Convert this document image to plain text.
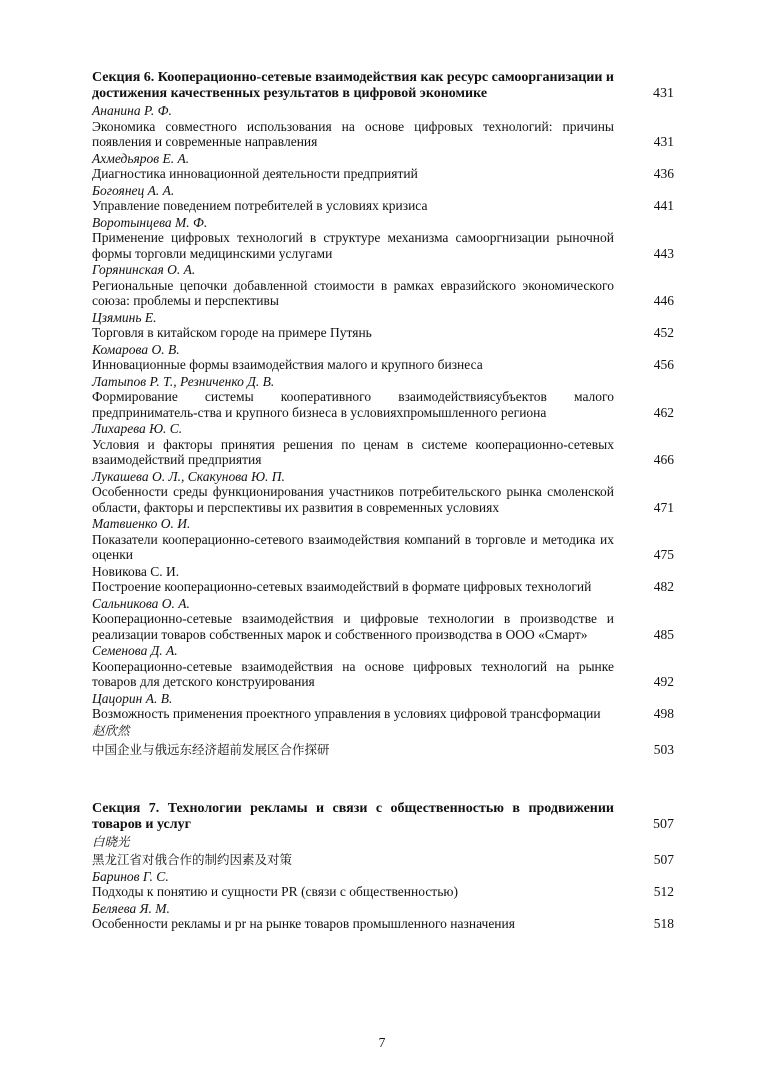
Секция 6. Кооперационно-сетевые взаимодействия как ресурс самоорганизации и достижения качественных результатов в цифровой экономике	431
Ананина Р. Ф.
Экономика совместного использования на основе цифровых технологий: причины появления и современные направления	431
Ахмедьяров Е. А.
Диагностика инновационной деятельности предприятий	436
Богоянец А. А.
Управление поведением потребителей в условиях кризиса	441
Воротынцева М. Ф.
Применение цифровых технологий в структуре механизма самооргнизации рыночной формы торговли медицинскими услугами	443
Горянинская О. А.
Региональные цепочки добавленной стоимости в рамках евразийского экономического союза: проблемы и перспективы	446
Цзяминь Е.
Торговля в китайском городе на примере Путянь	452
Комарова О. В.
Инновационные формы взаимодействия малого и крупного бизнеса	456
Латыпов Р. Т., Резниченко Д. В.
Формирование системы кооперативного взаимодействиясубъектов малого предприниматель-ства и крупного бизнеса в условияхпромышленного региона	462
Лихарева Ю. С.
Условия и факторы принятия решения по ценам в системе кооперационно-сетевых взаимодействий предприятия	466
Лукашева О. Л., Скакунова Ю. П.
Особенности среды функционирования участников потребительского рынка смоленской области, факторы и перспективы их развития в современных условиях	471
Матвиенко О. И.
Показатели кооперационно-сетевого взаимодействия компаний в торговле и методика их оценки	475
Новикова С. И.
Построение кооперационно-сетевых взаимодействий в формате цифровых технологий	482
Сальникова О. А.
Кооперационно-сетевые взаимодействия и цифровые технологии в производстве и реализации товаров собственных марок и собственного производства в ООО «Смарт»	485
Семенова Д. А.
Кооперационно-сетевые взаимодействия на основе цифровых технологий на рынке товаров для детского конструирования	492
Цацорин А. В.
Возможность применения проектного управления в условиях цифровой трансформации	498
赵欣然
中国企业与俄远东经济超前发展区合作探研	503
Секция 7. Технологии рекламы и связи с общественностью в продвижении товаров и услуг	507
白晓光
黑龙江省对俄合作的制约因素及对策	507
Баринов Г. С.
Подходы к понятию и сущности PR (связи с общественностью)	512
Беляева Я. М.
Особенности рекламы и pr на рынке товаров промышленного назначения	518
7
